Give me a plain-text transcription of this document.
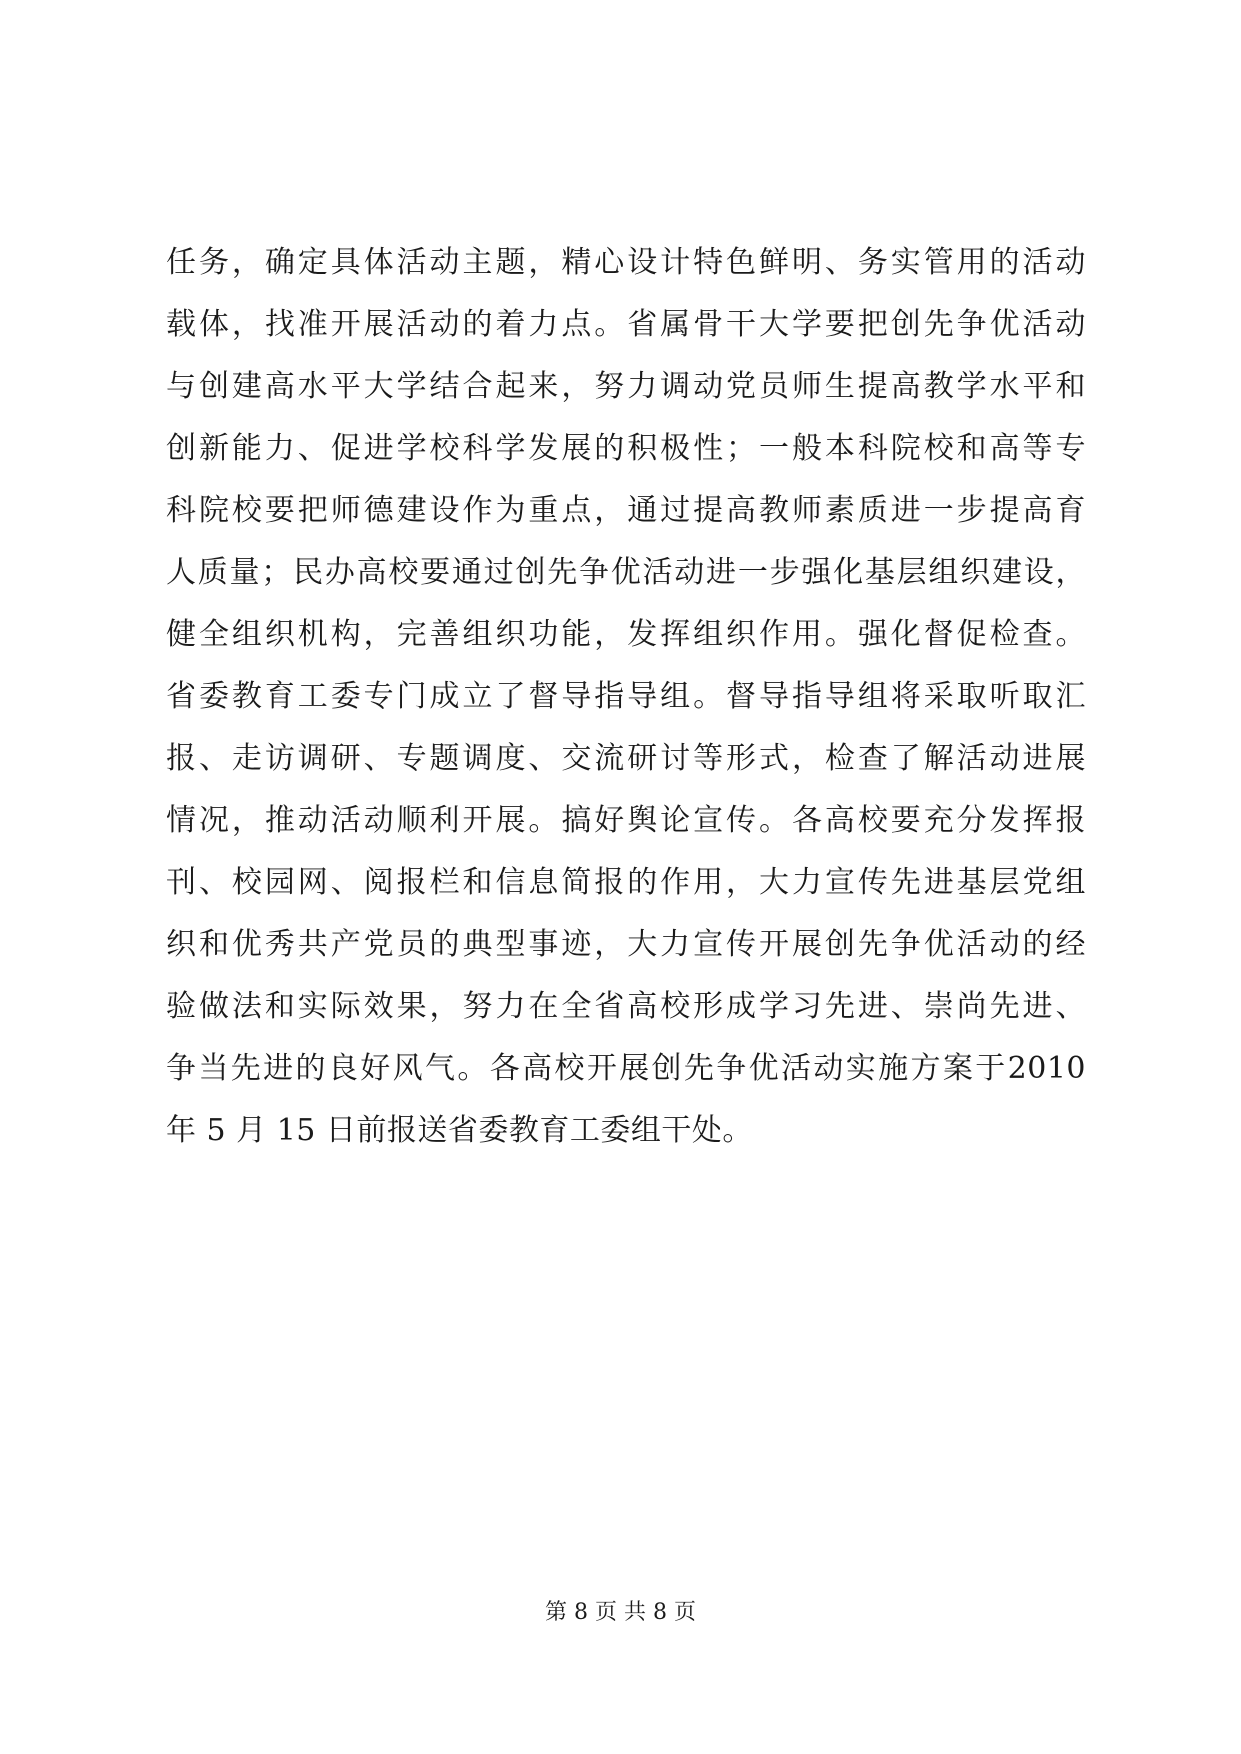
任务，确定具体活动主题，精心设计特色鲜明、务实管用的活动
载体，找准开展活动的着力点。省属骨干大学要把创先争优活动
与创建高水平大学结合起来，努力调动党员师生提高教学水平和
创新能力、促进学校科学发展的积极性；一般本科院校和高等专
科院校要把师德建设作为重点，通过提高教师素质进一步提高育
人质量；民办高校要通过创先争优活动进一步强化基层组织建设，
健全组织机构，完善组织功能，发挥组织作用。强化督促检查。
省委教育工委专门成立了督导指导组。督导指导组将采取听取汇
报、走访调研、专题调度、交流研讨等形式，检查了解活动进展
情况，推动活动顺利开展。搞好舆论宣传。各高校要充分发挥报
刊、校园网、阅报栏和信息简报的作用，大力宣传先进基层党组
织和优秀共产党员的典型事迹，大力宣传开展创先争优活动的经
验做法和实际效果，努力在全省高校形成学习先进、崇尚先进、
争当先进的良好风气。各高校开展创先争优活动实施方案于2010
年 5 月 15 日前报送省委教育工委组干处。
第 8 页 共 8 页
